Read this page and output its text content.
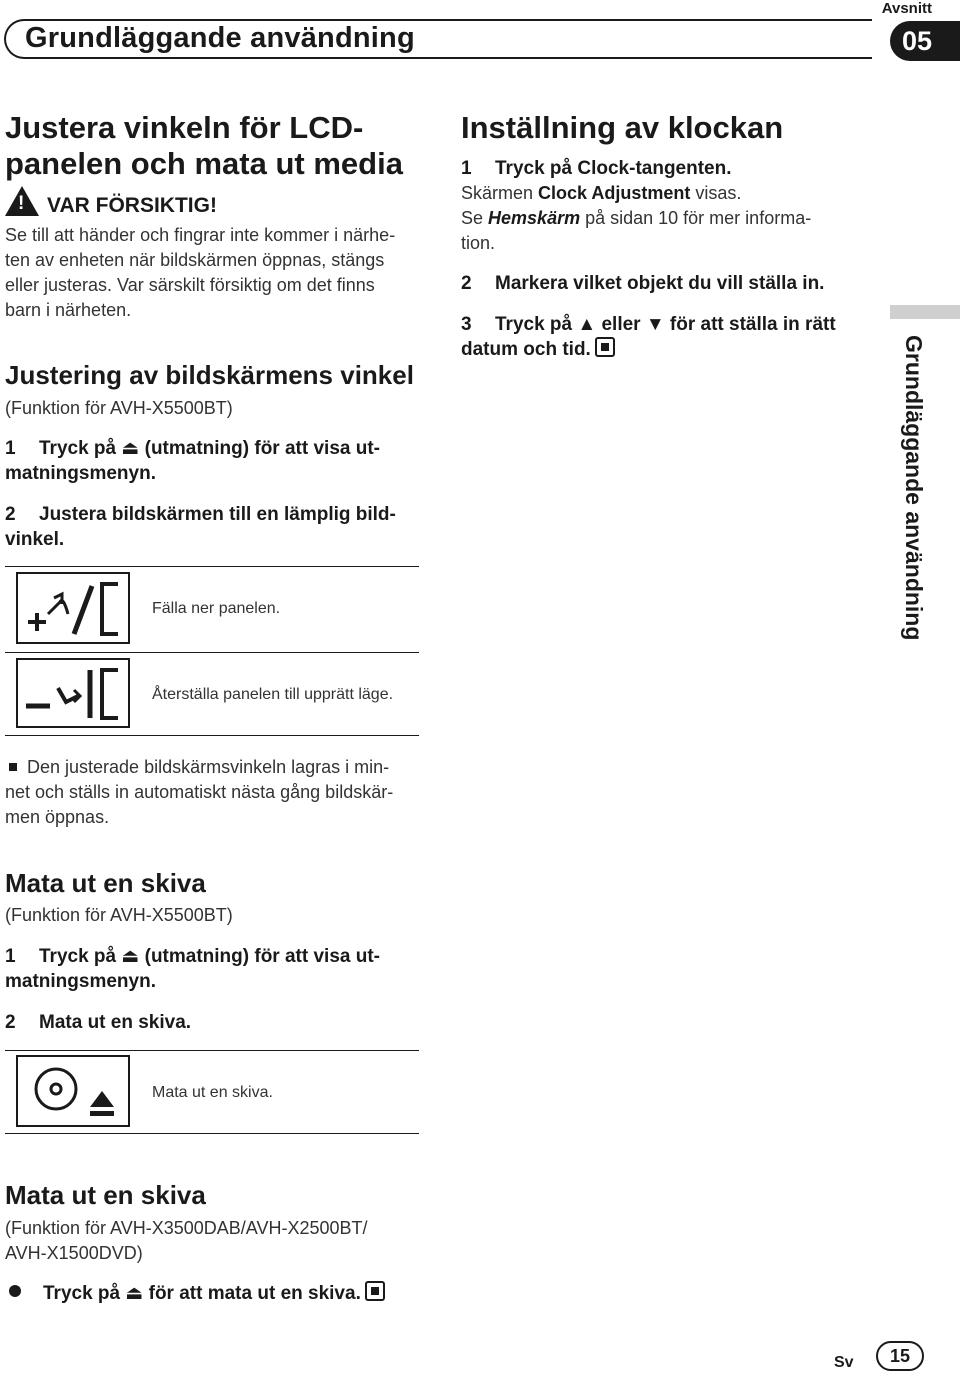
Grundläggande användning
Avsnitt
05
Grundläggande användning
Justera vinkeln för LCD-
panelen och mata ut media
!VAR FÖRSIKTIG!
Se till att händer och fingrar inte kommer i närhe-
ten av enheten när bildskärmen öppnas, stängs
eller justeras. Var särskilt försiktig om det finns
barn i närheten.
Justering av bildskärmens vinkel
(Funktion för AVH-X5500BT)
1 Tryck på ⏏ (utmatning) för att visa ut-
matningsmenyn.
2 Justera bildskärmen till en lämplig bild-
vinkel.
Fälla ner panelen.
Återställa panelen till upprätt läge.
Den justerade bildskärmsvinkeln lagras i min-
net och ställs in automatiskt nästa gång bildskär-
men öppnas.
Mata ut en skiva
(Funktion för AVH-X5500BT)
1 Tryck på ⏏ (utmatning) för att visa ut-
matningsmenyn.
2 Mata ut en skiva.
Mata ut en skiva.
Mata ut en skiva
(Funktion för AVH-X3500DAB/AVH-X2500BT/
AVH-X1500DVD)
Tryck på ⏏ för att mata ut en skiva.
Inställning av klockan
1 Tryck på Clock-tangenten.
Skärmen Clock Adjustment visas.
Se Hemskärm på sidan 10 för mer informa-
tion.
2 Markera vilket objekt du vill ställa in.
3 Tryck på ▲ eller ▼ för att ställa in rätt
datum och tid.
Sv	15
